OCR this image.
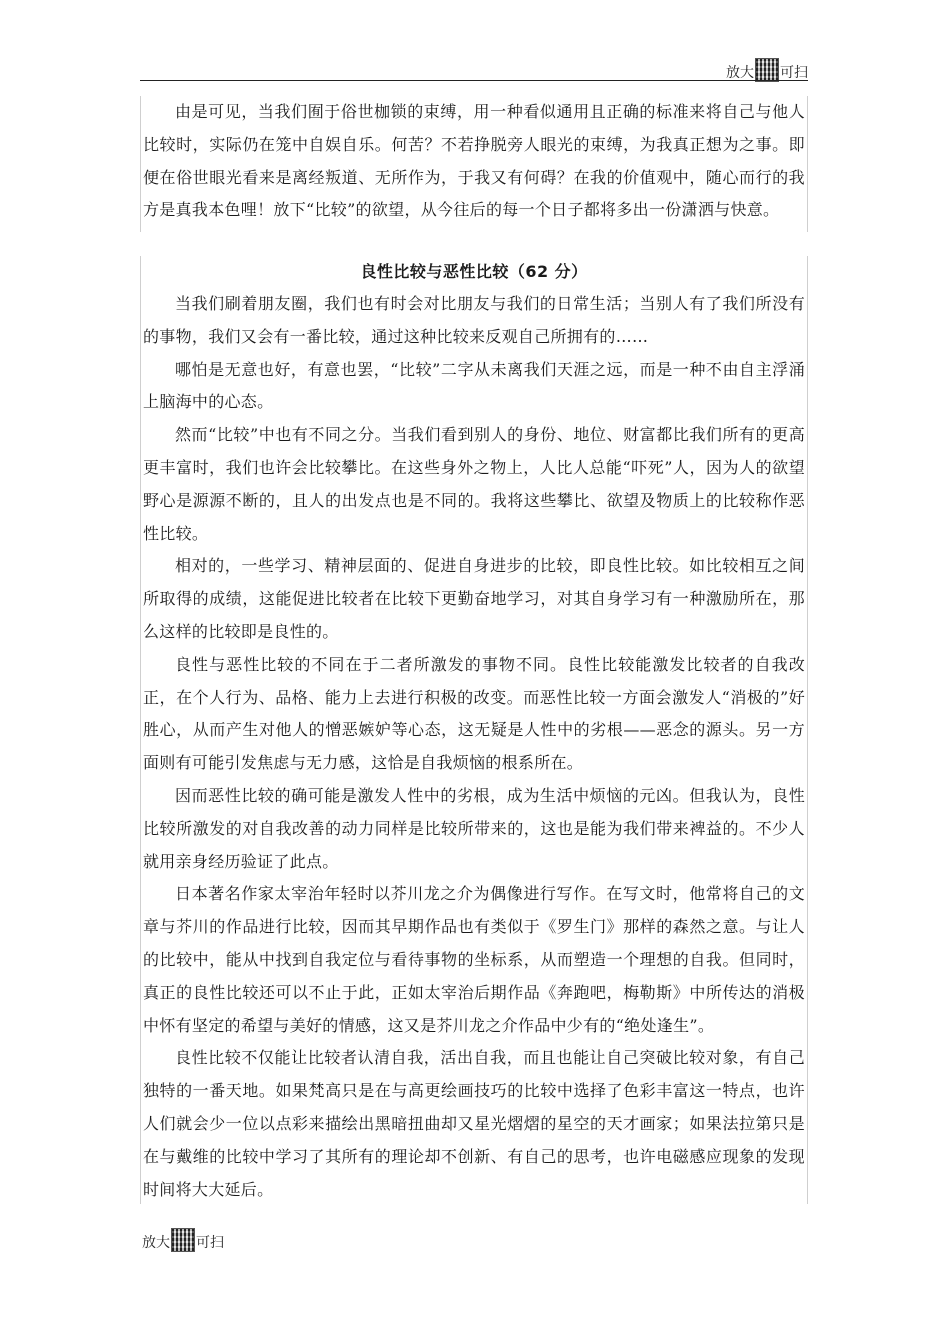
放大 可扫

由是可见，当我们囿于俗世枷锁的束缚，用一种看似通用且正确的标准来将自己与他人比较时，实际仍在笼中自娱自乐。何苦？不若挣脱旁人眼光的束缚，为我真正想为之事。即便在俗世眼光看来是离经叛道、无所作为，于我又有何碍？在我的价值观中，随心而行的我方是真我本色哩！放下“比较”的欲望，从今往后的每一个日子都将多出一份潇洒与快意。

良性比较与恶性比较（62 分）

当我们刷着朋友圈，我们也有时会对比朋友与我们的日常生活；当别人有了我们所没有的事物，我们又会有一番比较，通过这种比较来反观自己所拥有的……

哪怕是无意也好，有意也罢，“比较”二字从未离我们天涯之远，而是一种不由自主浮涌上脑海中的心态。

然而“比较”中也有不同之分。当我们看到别人的身份、地位、财富都比我们所有的更高更丰富时，我们也许会比较攀比。在这些身外之物上，人比人总能“吓死”人，因为人的欲望野心是源源不断的，且人的出发点也是不同的。我将这些攀比、欲望及物质上的比较称作恶性比较。

相对的，一些学习、精神层面的、促进自身进步的比较，即良性比较。如比较相互之间所取得的成绩，这能促进比较者在比较下更勤奋地学习，对其自身学习有一种激励所在，那么这样的比较即是良性的。

良性与恶性比较的不同在于二者所激发的事物不同。良性比较能激发比较者的自我改正，在个人行为、品格、能力上去进行积极的改变。而恶性比较一方面会激发人“消极的”好胜心，从而产生对他人的憎恶嫉妒等心态，这无疑是人性中的劣根——恶念的源头。另一方面则有可能引发焦虑与无力感，这恰是自我烦恼的根系所在。

因而恶性比较的确可能是激发人性中的劣根，成为生活中烦恼的元凶。但我认为，良性比较所激发的对自我改善的动力同样是比较所带来的，这也是能为我们带来裨益的。不少人就用亲身经历验证了此点。

日本著名作家太宰治年轻时以芥川龙之介为偶像进行写作。在写文时，他常将自己的文章与芥川的作品进行比较，因而其早期作品也有类似于《罗生门》那样的森然之意。与让人的比较中，能从中找到自我定位与看待事物的坐标系，从而塑造一个理想的自我。但同时，真正的良性比较还可以不止于此，正如太宰治后期作品《奔跑吧，梅勒斯》中所传达的消极中怀有坚定的希望与美好的情感，这又是芥川龙之介作品中少有的“绝处逢生”。

良性比较不仅能让比较者认清自我，活出自我，而且也能让自己突破比较对象，有自己独特的一番天地。如果梵高只是在与高更绘画技巧的比较中选择了色彩丰富这一特点，也许人们就会少一位以点彩来描绘出黑暗扭曲却又星光熠熠的星空的天才画家；如果法拉第只是在与戴维的比较中学习了其所有的理论却不创新、有自己的思考，也许电磁感应现象的发现时间将大大延后。

放大 可扫
